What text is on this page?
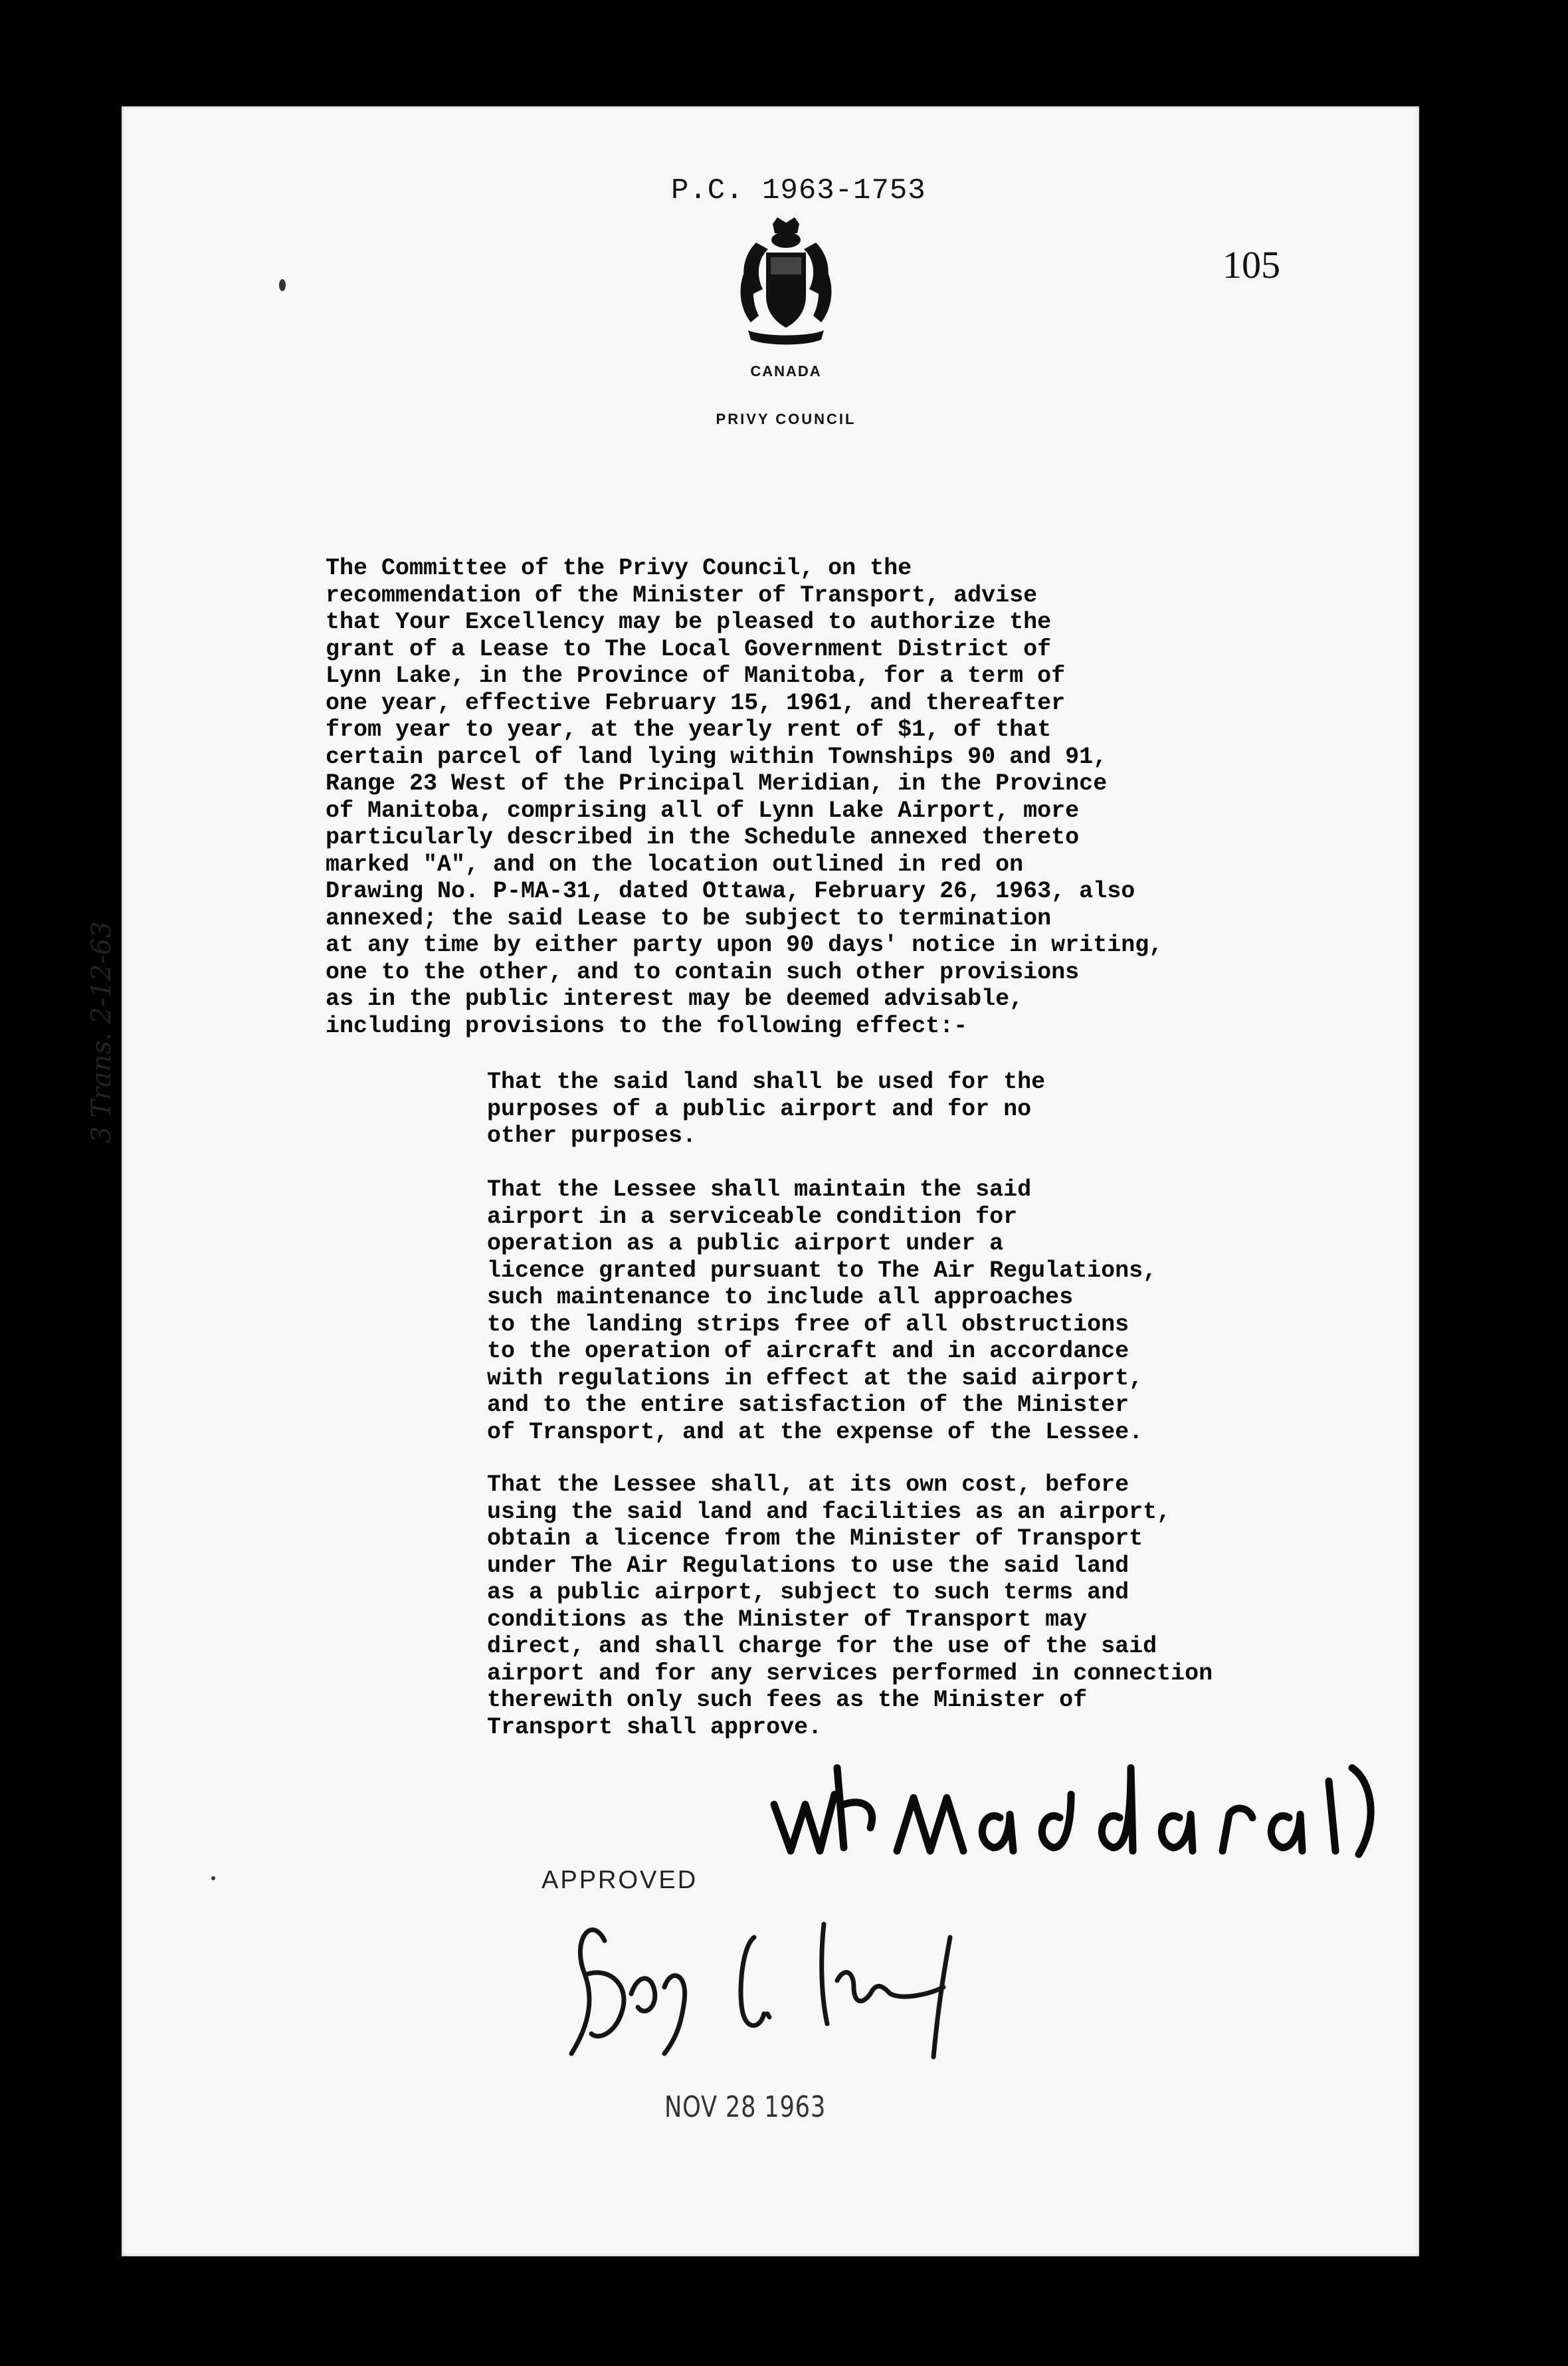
P.C. 1963-1753
105
CANADA
PRIVY COUNCIL
3 Trans. 2-12-63

The Committee of the Privy Council, on the
recommendation of the Minister of Transport, advise
that Your Excellency may be pleased to authorize the
grant of a Lease to The Local Government District of
Lynn Lake, in the Province of Manitoba, for a term of
one year, effective February 15, 1961, and thereafter
from year to year, at the yearly rent of $1, of that
certain parcel of land lying within Townships 90 and 91,
Range 23 West of the Principal Meridian, in the Province
of Manitoba, comprising all of Lynn Lake Airport, more
particularly described in the Schedule annexed thereto
marked "A", and on the location outlined in red on
Drawing No. P-MA-31, dated Ottawa, February 26, 1963, also
annexed; the said Lease to be subject to termination
at any time by either party upon 90 days' notice in writing,
one to the other, and to contain such other provisions
as in the public interest may be deemed advisable,
including provisions to the following effect:-

That the said land shall be used for the
purposes of a public airport and for no
other purposes.

That the Lessee shall maintain the said
airport in a serviceable condition for
operation as a public airport under a
licence granted pursuant to The Air Regulations,
such maintenance to include all approaches
to the landing strips free of all obstructions
to the operation of aircraft and in accordance
with regulations in effect at the said airport,
and to the entire satisfaction of the Minister
of Transport, and at the expense of the Lessee.

That the Lessee shall, at its own cost, before
using the said land and facilities as an airport,
obtain a licence from the Minister of Transport
under The Air Regulations to use the said land
as a public airport, subject to such terms and
conditions as the Minister of Transport may
direct, and shall charge for the use of the said
airport and for any services performed in connection
therewith only such fees as the Minister of
Transport shall approve.

APPROVED
NOV 28 1963
